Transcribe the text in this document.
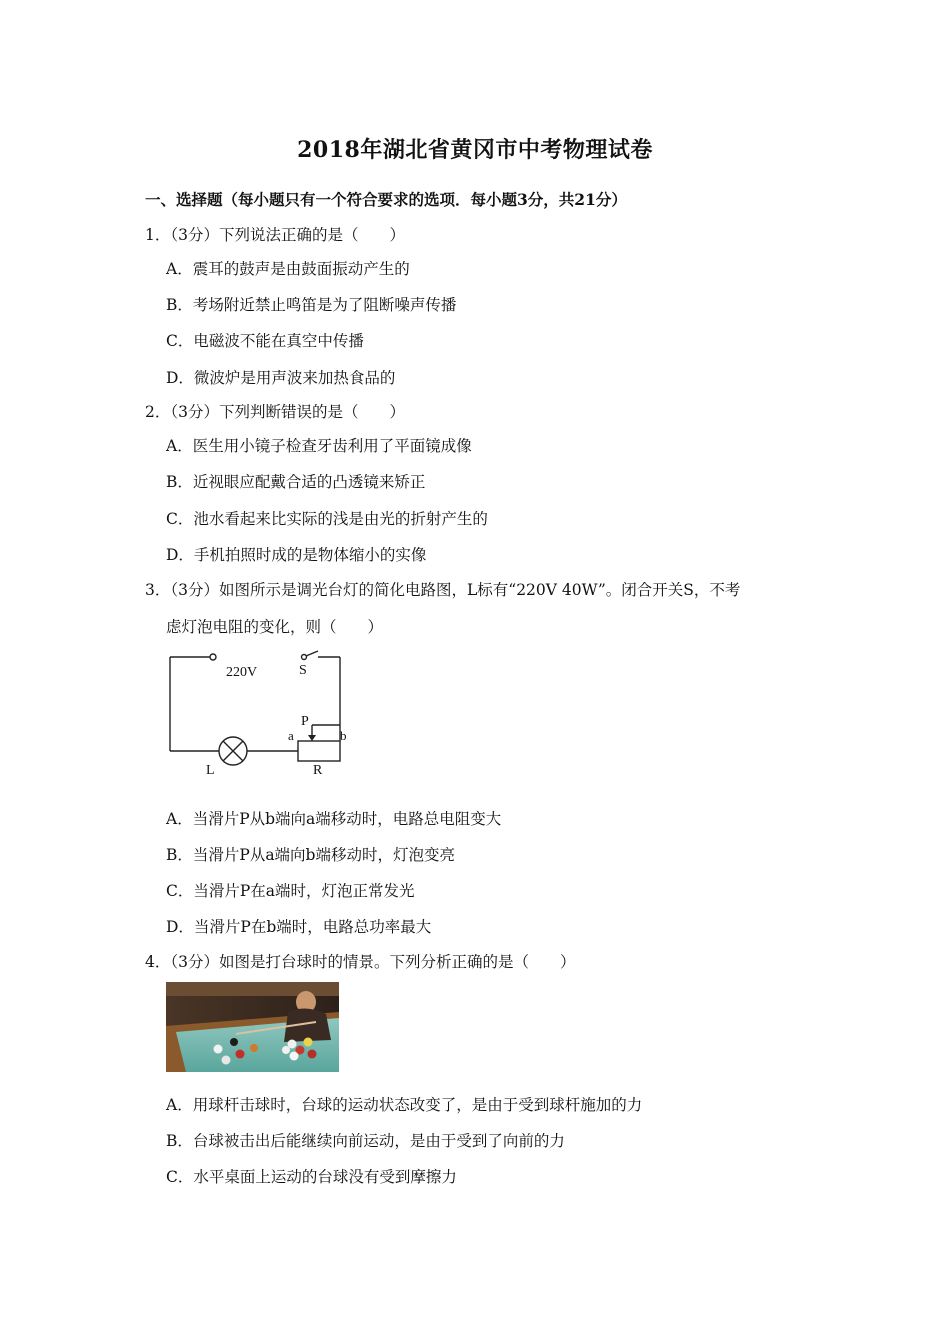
2018年湖北省黄冈市中考物理试卷
一、选择题（每小题只有一个符合要求的选项．每小题3分，共21分）
1．（3分）下列说法正确的是（　　）
A．震耳的鼓声是由鼓面振动产生的
B．考场附近禁止鸣笛是为了阻断噪声传播
C．电磁波不能在真空中传播
D．微波炉是用声波来加热食品的
2．（3分）下列判断错误的是（　　）
A．医生用小镜子检查牙齿利用了平面镜成像
B．近视眼应配戴合适的凸透镜来矫正
C．池水看起来比实际的浅是由光的折射产生的
D．手机拍照时成的是物体缩小的实像
3．（3分）如图所示是调光台灯的简化电路图，L标有“220V 40W”。闭合开关S，不考
虑灯泡电阻的变化，则（　　）
220V	S
P
a	b
L	R
A．当滑片P从b端向a端移动时，电路总电阻变大
B．当滑片P从a端向b端移动时，灯泡变亮
C．当滑片P在a端时，灯泡正常发光
D．当滑片P在b端时，电路总功率最大
4．（3分）如图是打台球时的情景。下列分析正确的是（　　）
A．用球杆击球时，台球的运动状态改变了，是由于受到球杆施加的力
B．台球被击出后能继续向前运动，是由于受到了向前的力
C．水平桌面上运动的台球没有受到摩擦力
